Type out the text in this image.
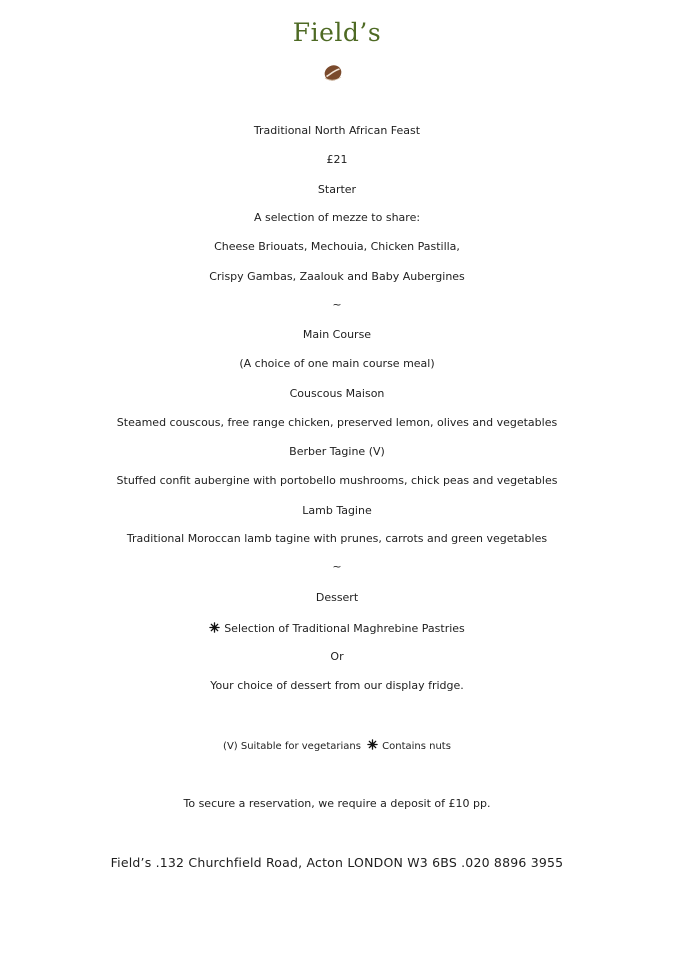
Field’s
Traditional North African Feast
£21
Starter
A selection of mezze to share:
Cheese Briouats, Mechouia, Chicken Pastilla,
Crispy Gambas, Zaalouk and Baby Aubergines
~
Main Course
(A choice of one main course meal)
Couscous Maison
Steamed couscous, free range chicken, preserved lemon, olives and vegetables
Berber Tagine (V)
Stuffed confit aubergine with portobello mushrooms, chick peas and vegetables
Lamb Tagine
Traditional Moroccan lamb tagine with prunes, carrots and green vegetables
~
Dessert
Selection of Traditional Maghrebine Pastries
Or
Your choice of dessert from our display fridge.
(V) Suitable for vegetarians Contains nuts
To secure a reservation, we require a deposit of £10 pp.
Field’s .132 Churchfield Road, Acton LONDON W3 6BS .020 8896 3955
